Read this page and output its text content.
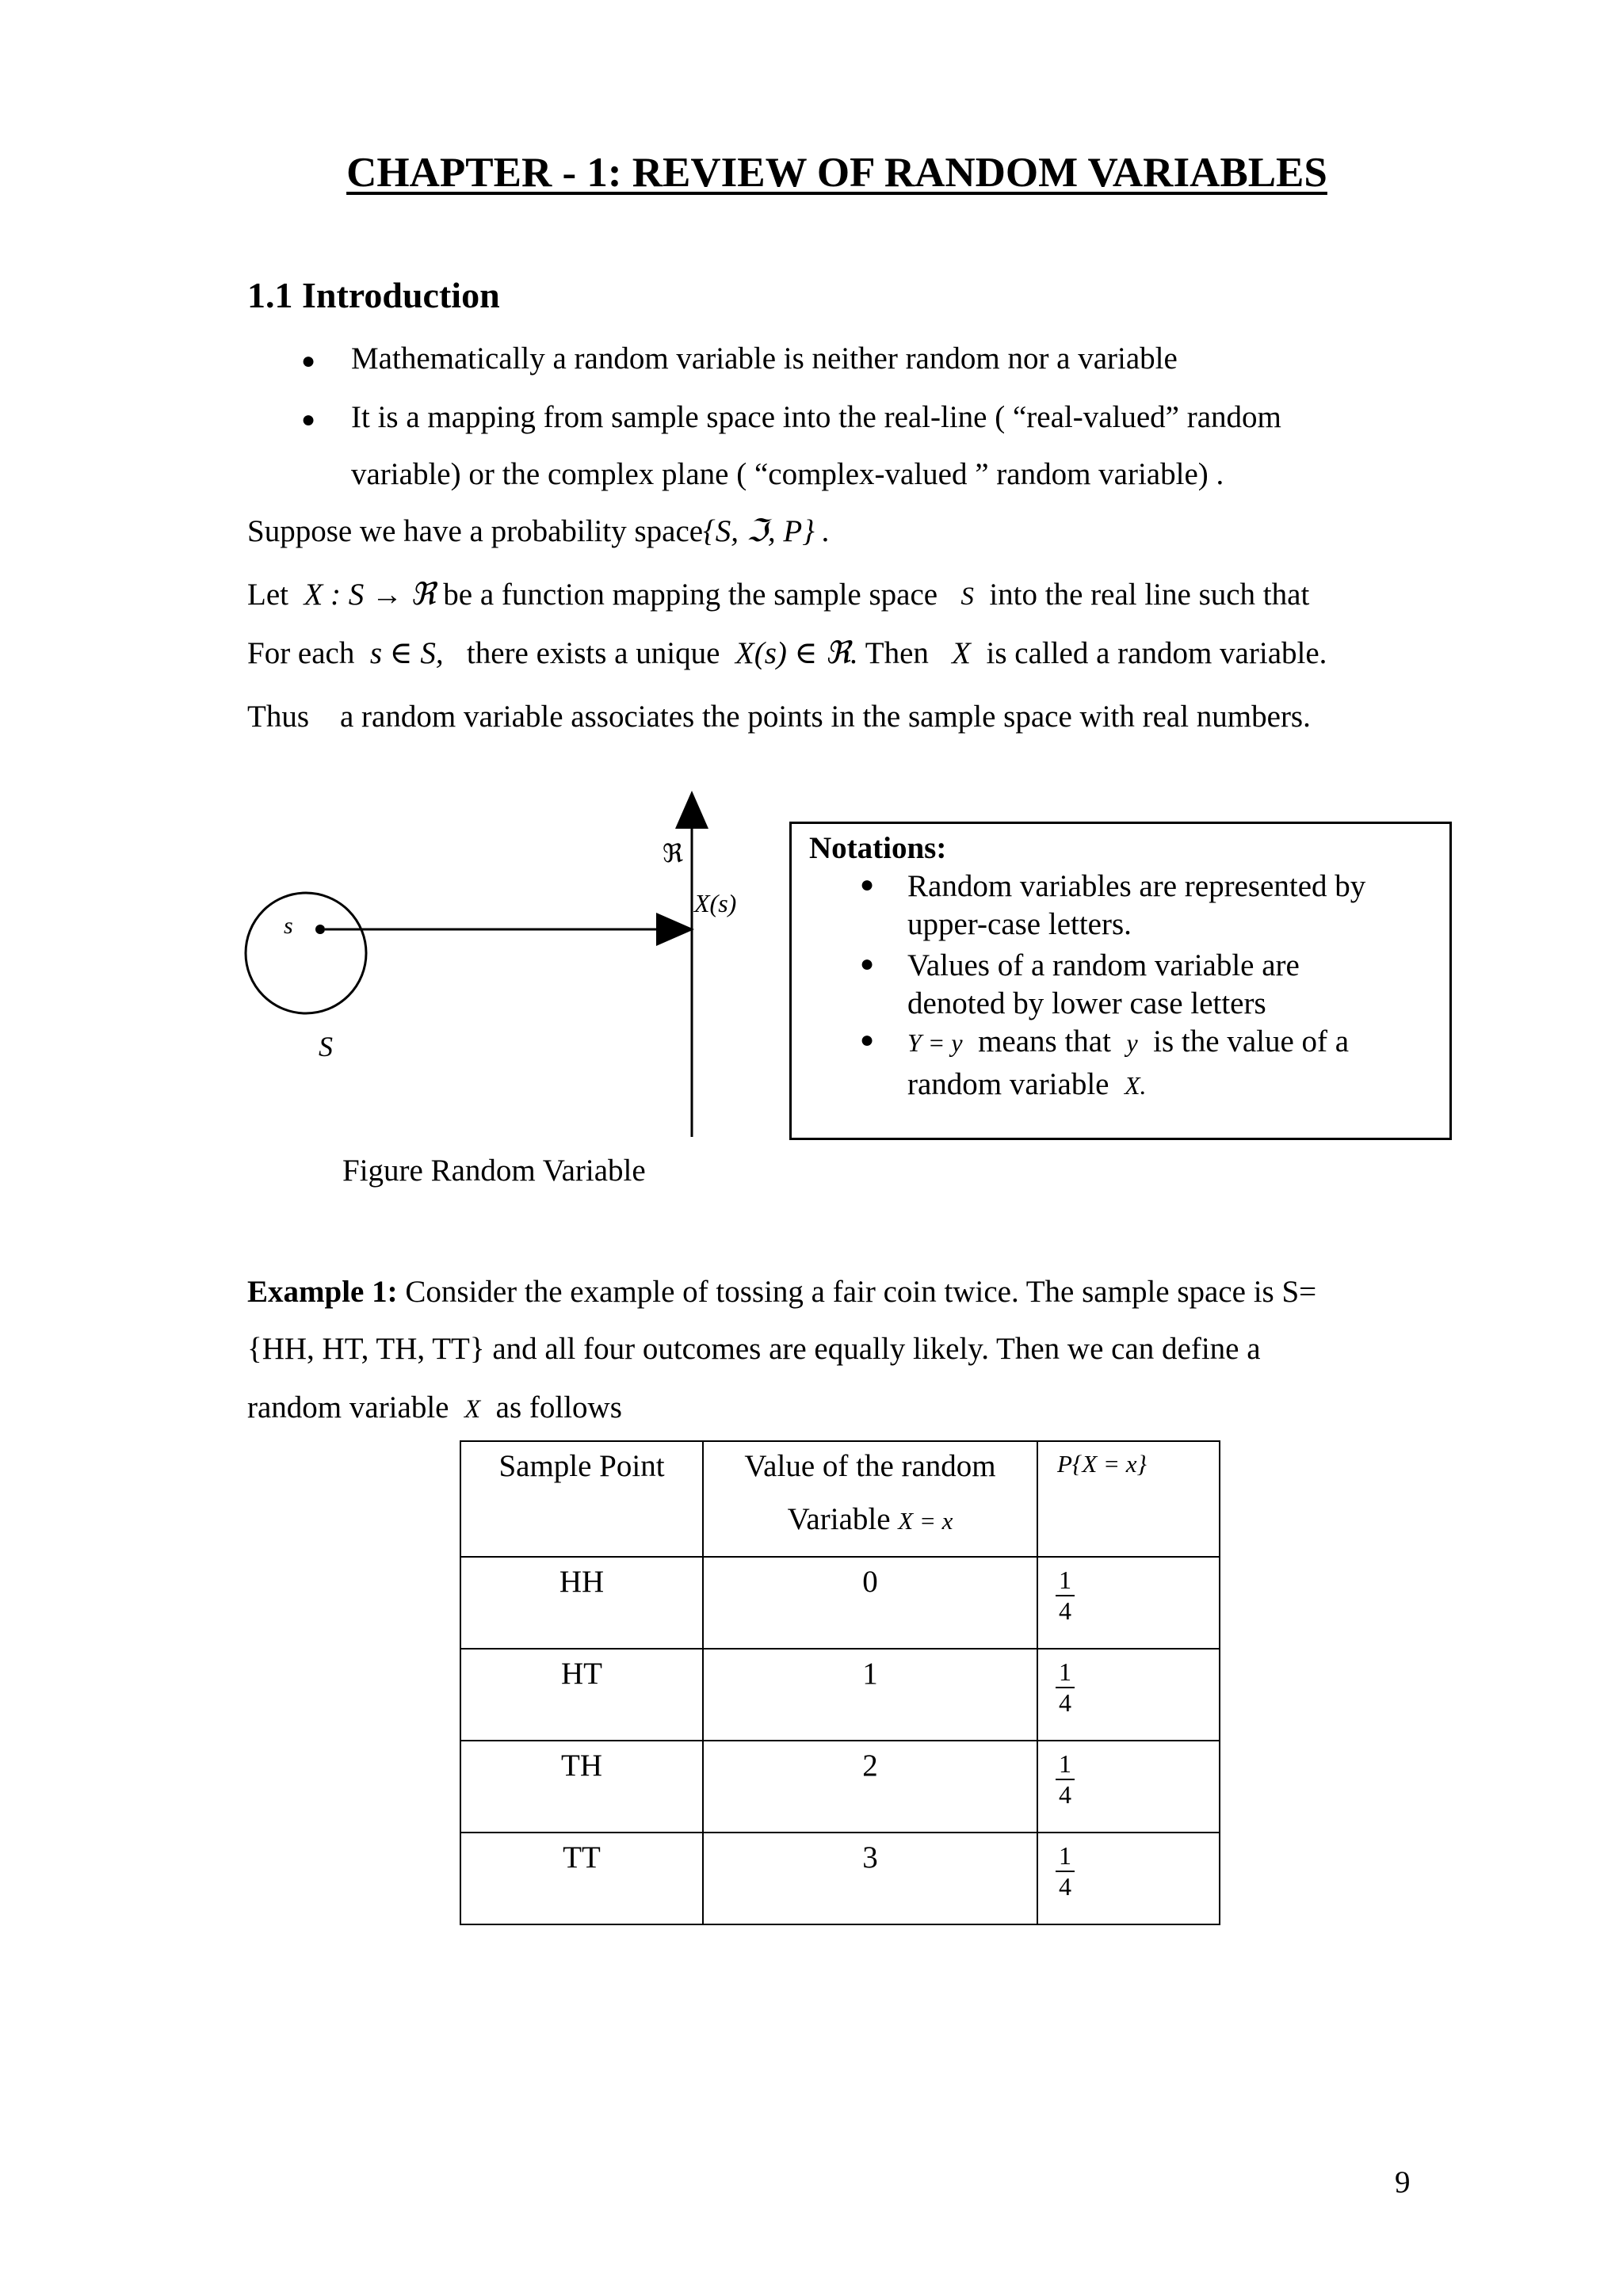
CHAPTER - 1: REVIEW OF RANDOM VARIABLES
1.1 Introduction
● Mathematically a random variable is neither random nor a variable
● It is a mapping from sample space into the real-line ( “real-valued” random
variable) or the complex plane ( “complex-valued ” random variable) .
Suppose we have a probability space{S, ℑ, P} .
Let X : S → ℜ be a function mapping the sample space S into the real line such that
For each s ∈ S, there exists a unique X(s) ∈ ℜ. Then X is called a random variable.
Thus    a random variable associates the points in the sample space with real numbers.
s
S
ℜ
X(s)
Figure Random Variable
Notations:
● Random variables are represented by
upper-case letters.
● Values of a random variable are
denoted by lower case letters
● Y = y means that y is the value of a
random variable X.
Example 1: Consider the example of tossing a fair coin twice. The sample space is S=
{HH, HT, TH, TT} and all four outcomes are equally likely. Then we can define a
random variable X as follows
Sample Point	Value of the random
Variable X = x	P{X = x}

HH	0	$\frac{1}{4}$

HT	1	$\frac{1}{4}$

TH	2	$\frac{1}{4}$

TT	3	$\frac{1}{4}$
9
